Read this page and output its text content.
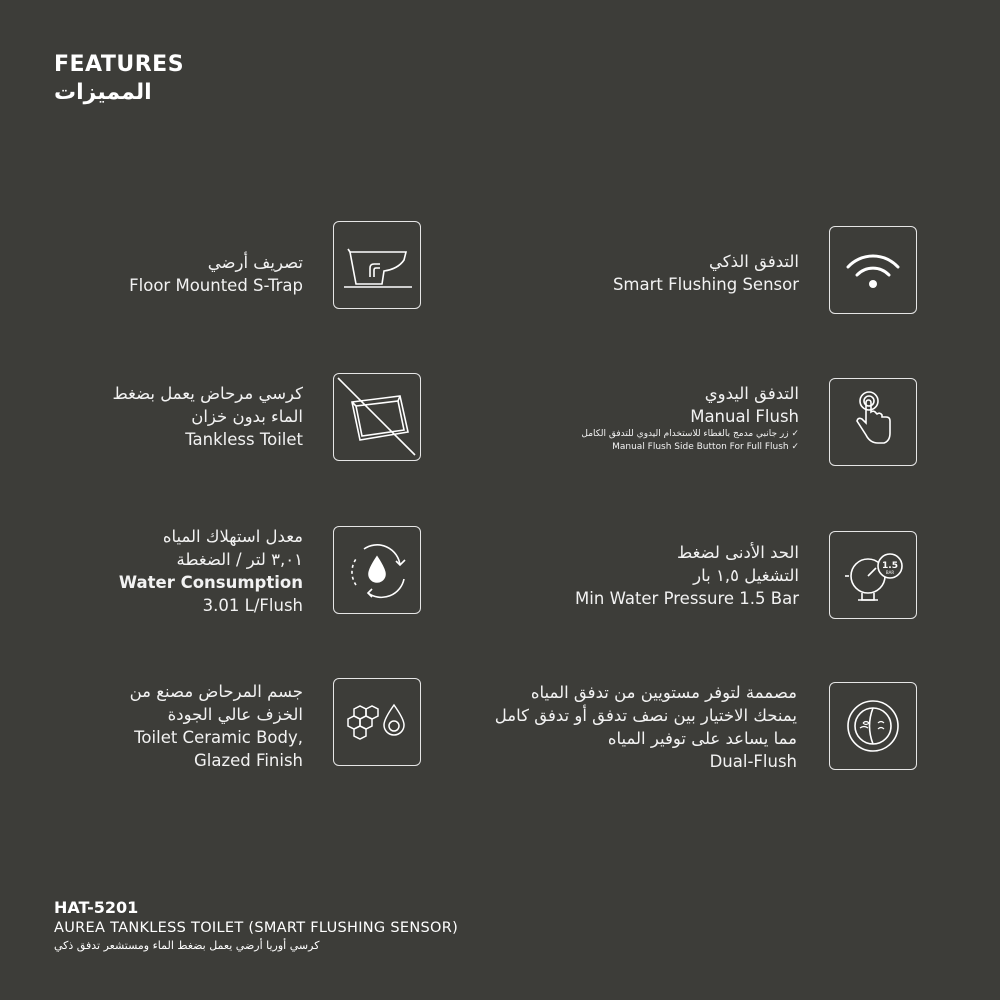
FEATURES
المميزات
تصريف أرضي
Floor Mounted S-Trap
كرسي مرحاض يعمل بضغط
الماء بدون خزان
Tankless Toilet
معدل استهلاك المياه
٣,٠١ لتر / الضغطة
Water Consumption
3.01 L/Flush
جسم المرحاض مصنع من
الخزف عالي الجودة
Toilet Ceramic Body,
Glazed Finish
التدفق الذكي
Smart Flushing Sensor
التدفق اليدوي
Manual Flush
✓ زر جانبي مدمج بالغطاء للاستخدام اليدوي للتدفق الكامل
Manual Flush Side Button For Full Flush ✓
الحد الأدنى لضغط
التشغيل ١,٥ بار
Min Water Pressure 1.5 Bar
1.5
BAR
مصممة لتوفر مستويين من تدفق المياه
يمنحك الاختيار بين نصف تدفق أو تدفق كامل
مما يساعد على توفير المياه
Dual-Flush
HAT-5201
AUREA TANKLESS TOILET (SMART FLUSHING SENSOR)
كرسي أوريا أرضي يعمل بضغط الماء ومستشعر تدفق ذكي
